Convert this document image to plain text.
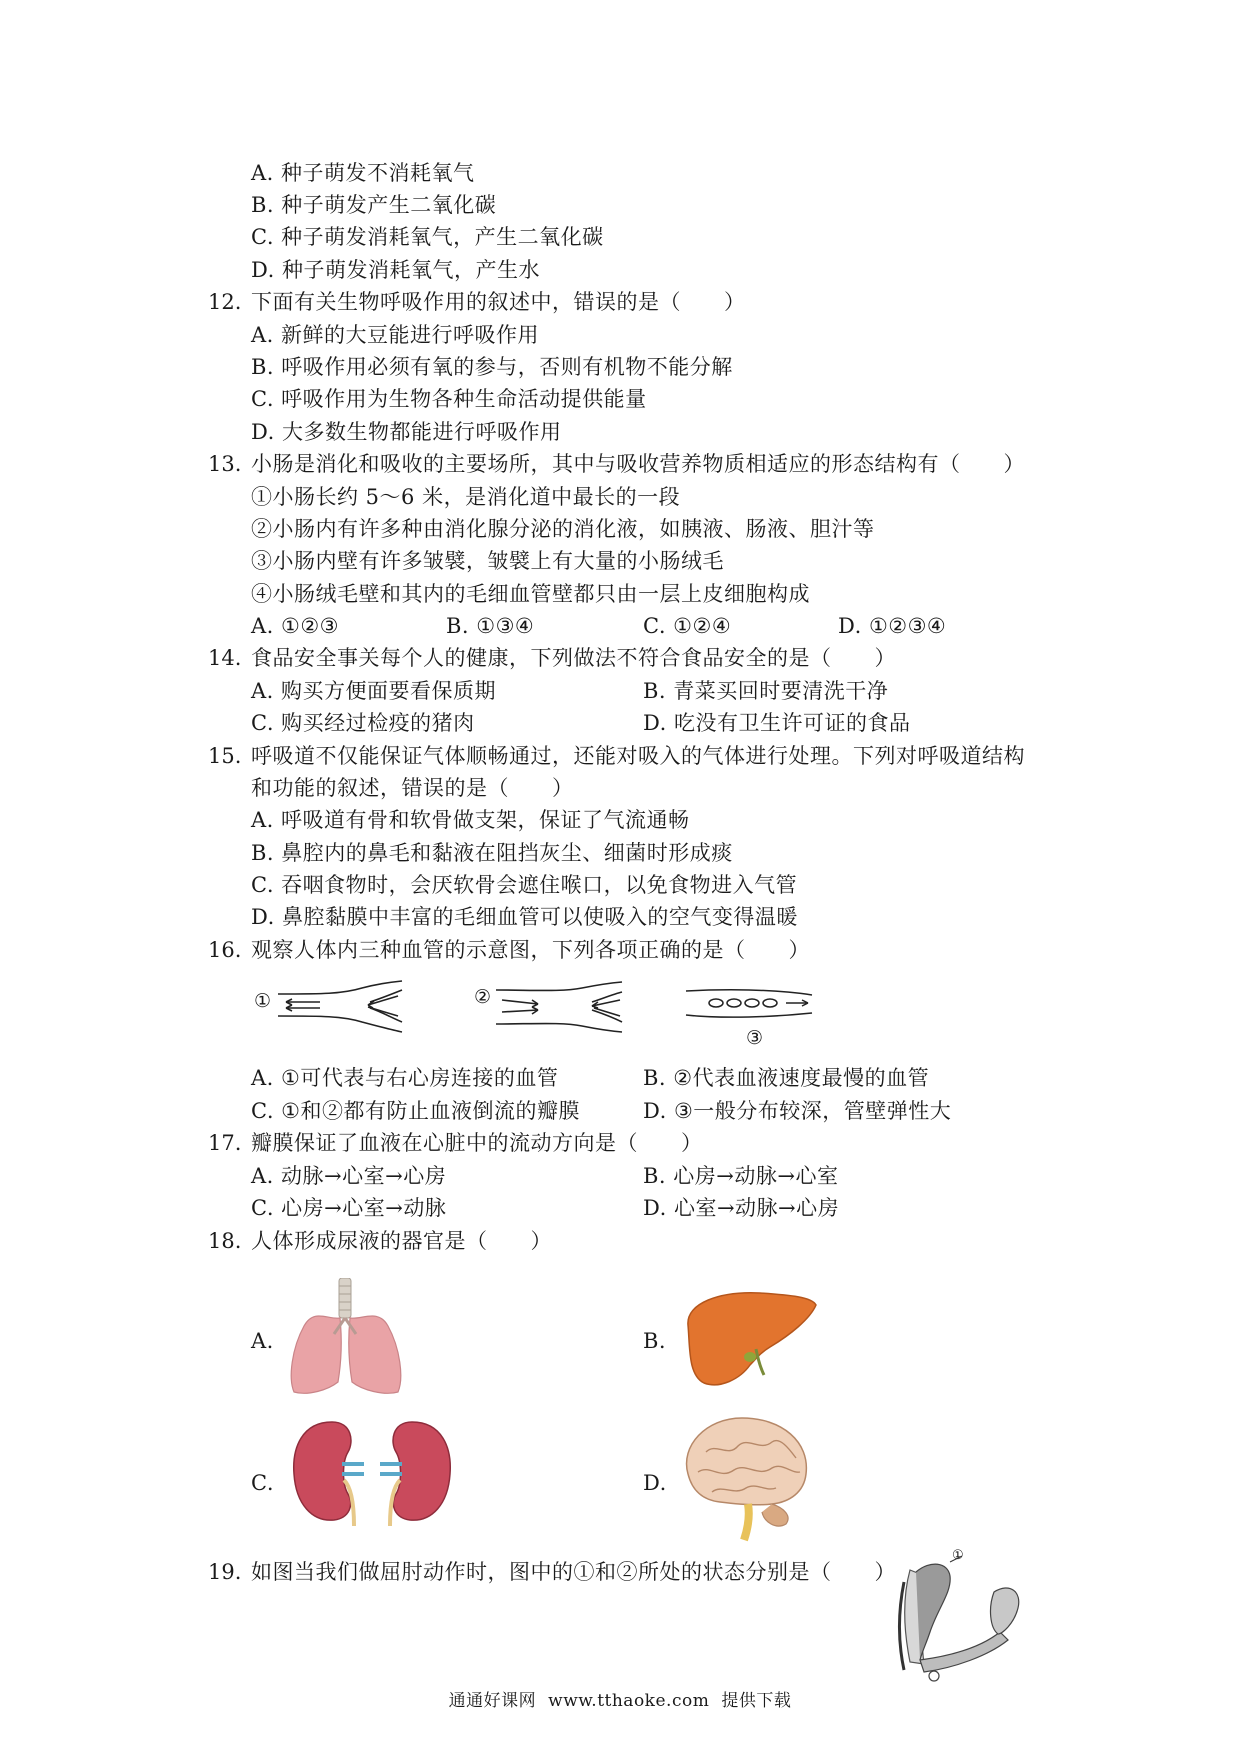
A. 种子萌发不消耗氧气
B. 种子萌发产生二氧化碳
C. 种子萌发消耗氧气，产生二氧化碳
D. 种子萌发消耗氧气，产生水
12. 下面有关生物呼吸作用的叙述中，错误的是（　　）
A. 新鲜的大豆能进行呼吸作用
B. 呼吸作用必须有氧的参与，否则有机物不能分解
C. 呼吸作用为生物各种生命活动提供能量
D. 大多数生物都能进行呼吸作用
13. 小肠是消化和吸收的主要场所，其中与吸收营养物质相适应的形态结构有（　　）
①小肠长约 5～6 米，是消化道中最长的一段
②小肠内有许多种由消化腺分泌的消化液，如胰液、肠液、胆汁等
③小肠内壁有许多皱襞，皱襞上有大量的小肠绒毛
④小肠绒毛壁和其内的毛细血管壁都只由一层上皮细胞构成
A. ①②③	B. ①③④	C. ①②④	D. ①②③④
14. 食品安全事关每个人的健康，下列做法不符合食品安全的是（　　）
A. 购买方便面要看保质期	B. 青菜买回时要清洗干净
C. 购买经过检疫的猪肉	D. 吃没有卫生许可证的食品
15. 呼吸道不仅能保证气体顺畅通过，还能对吸入的气体进行处理。下列对呼吸道结构
和功能的叙述，错误的是（　　）
A. 呼吸道有骨和软骨做支架，保证了气流通畅
B. 鼻腔内的鼻毛和黏液在阻挡灰尘、细菌时形成痰
C. 吞咽食物时，会厌软骨会遮住喉口，以免食物进入气管
D. 鼻腔黏膜中丰富的毛细血管可以使吸入的空气变得温暖
16. 观察人体内三种血管的示意图，下列各项正确的是（　　）
①	②
③
A. ①可代表与右心房连接的血管	B. ②代表血液速度最慢的血管
C. ①和②都有防止血液倒流的瓣膜	D. ③一般分布较深，管壁弹性大
17. 瓣膜保证了血液在心脏中的流动方向是（　　）
A. 动脉→心室→心房	B. 心房→动脉→心室
C. 心房→心室→动脉	D. 心室→动脉→心房
18. 人体形成尿液的器官是（　　）
A.	B.
C.	D.
19. 如图当我们做屈肘动作时，图中的①和②所处的状态分别是（　　）
①
通通好课网 www.tthaoke.com 提供下载
